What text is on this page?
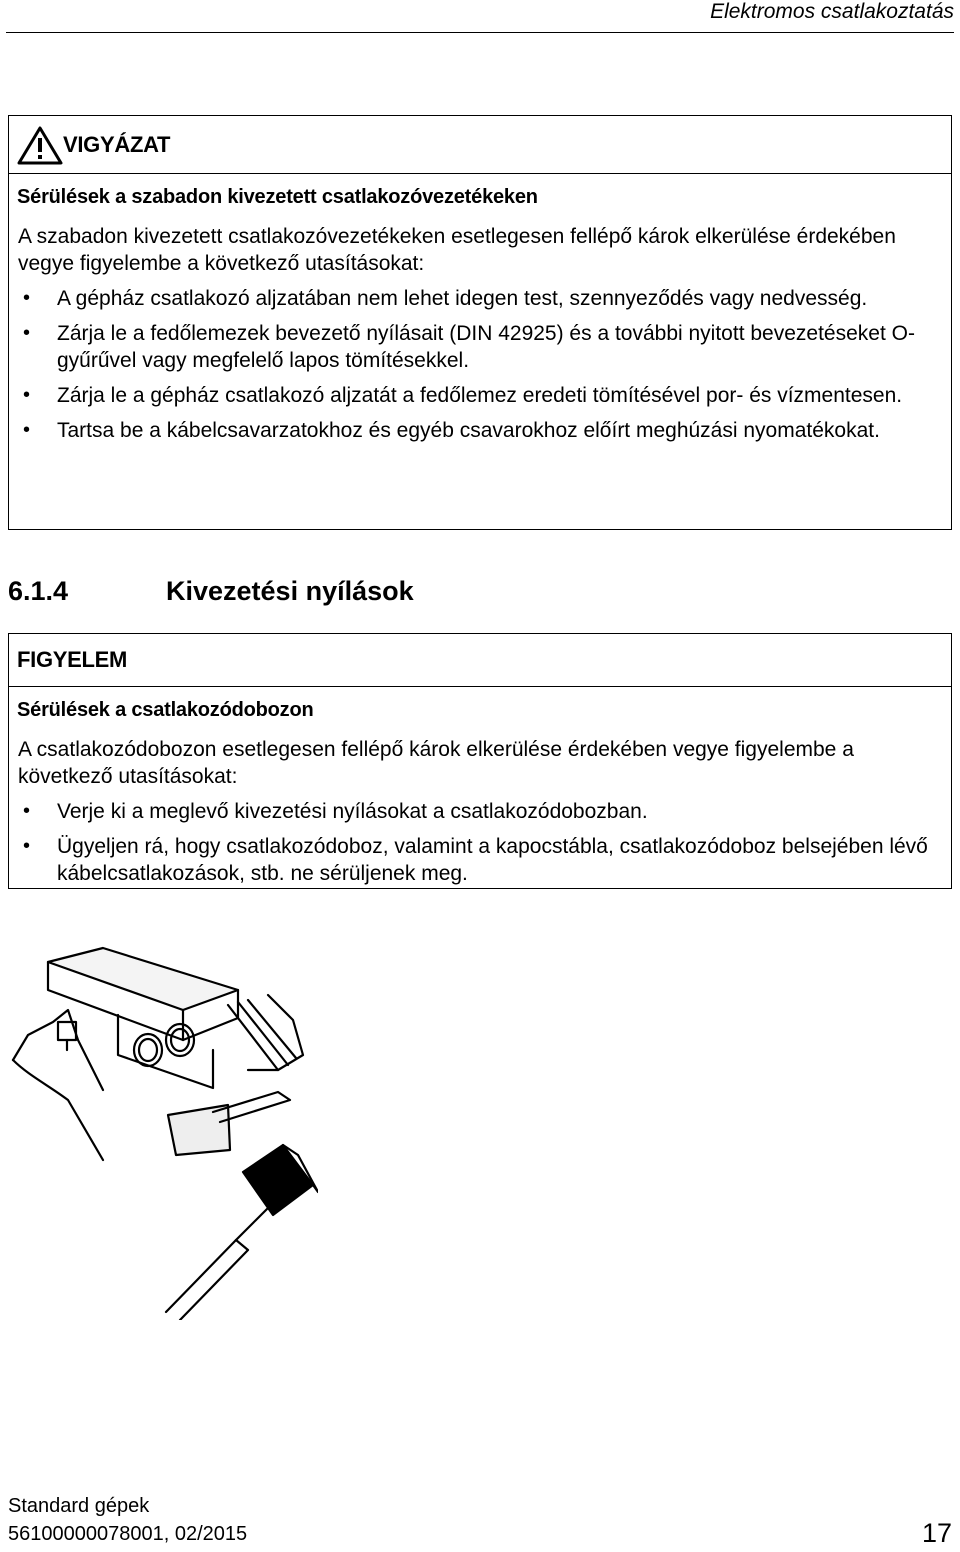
Elektromos csatlakoztatás
VIGYÁZAT
Sérülések a szabadon kivezetett csatlakozóvezetékeken
A szabadon kivezetett csatlakozóvezetékeken esetlegesen fellépő károk elkerülése érdekében vegye figyelembe a következő utasításokat:
• A gépház csatlakozó aljzatában nem lehet idegen test, szennyeződés vagy nedvesség.
• Zárja le a fedőlemezek bevezető nyílásait (DIN 42925) és a további nyitott bevezetéseket O-gyűrűvel vagy megfelelő lapos tömítésekkel.
• Zárja le a gépház csatlakozó aljzatát a fedőlemez eredeti tömítésével por- és vízmentesen.
• Tartsa be a kábelcsavarzatokhoz és egyéb csavarokhoz előírt meghúzási nyomatékokat.
6.1.4	Kivezetési nyílások
FIGYELEM
Sérülések a csatlakozódobozon
A csatlakozódobozon esetlegesen fellépő károk elkerülése érdekében vegye figyelembe a következő utasításokat:
• Verje ki a meglevő kivezetési nyílásokat a csatlakozódobozban.
• Ügyeljen rá, hogy csatlakozódoboz, valamint a kapocstábla, csatlakozódoboz belsejében lévő kábelcsatlakozások, stb. ne sérüljenek meg.
Standard gépek
56100000078001, 02/2015	17
